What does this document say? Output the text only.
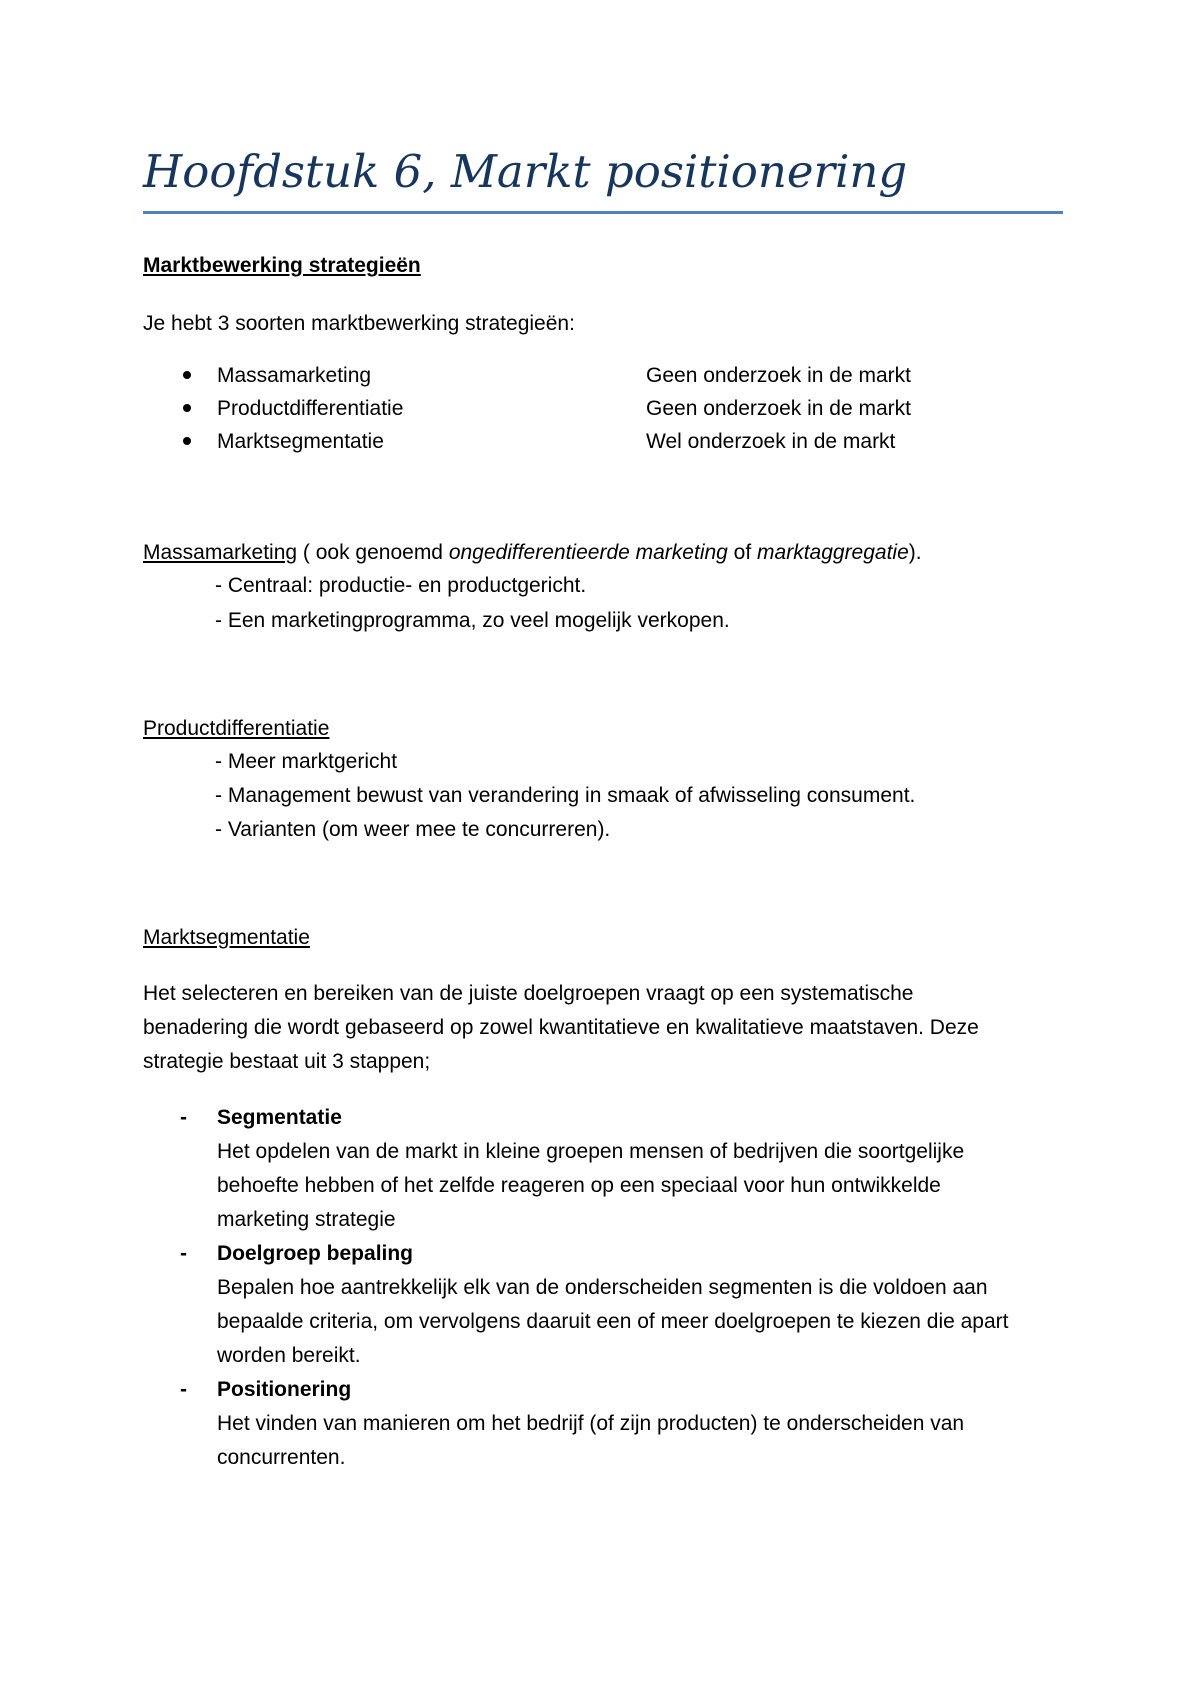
Hoofdstuk 6, Markt positionering
Marktbewerking strategieën
Je hebt 3 soorten marktbewerking strategieën:
Massamarketing	Geen onderzoek in de markt
Productdifferentiatie	Geen onderzoek in de markt
Marktsegmentatie	Wel onderzoek in de markt
Massamarketing ( ook genoemd ongedifferentieerde marketing of marktaggregatie).
- Centraal: productie- en productgericht.
- Een marketingprogramma, zo veel mogelijk verkopen.
Productdifferentiatie
- Meer marktgericht
- Management bewust van verandering in smaak of afwisseling consument.
- Varianten (om weer mee te concurreren).
Marktsegmentatie
Het selecteren en bereiken van de juiste doelgroepen vraagt op een systematische
benadering die wordt gebaseerd op zowel kwantitatieve en kwalitatieve maatstaven. Deze
strategie bestaat uit 3 stappen;
- Segmentatie
Het opdelen van de markt in kleine groepen mensen of bedrijven die soortgelijke
behoefte hebben of het zelfde reageren op een speciaal voor hun ontwikkelde
marketing strategie
- Doelgroep bepaling
Bepalen hoe aantrekkelijk elk van de onderscheiden segmenten is die voldoen aan
bepaalde criteria, om vervolgens daaruit een of meer doelgroepen te kiezen die apart
worden bereikt.
- Positionering
Het vinden van manieren om het bedrijf (of zijn producten) te onderscheiden van
concurrenten.
